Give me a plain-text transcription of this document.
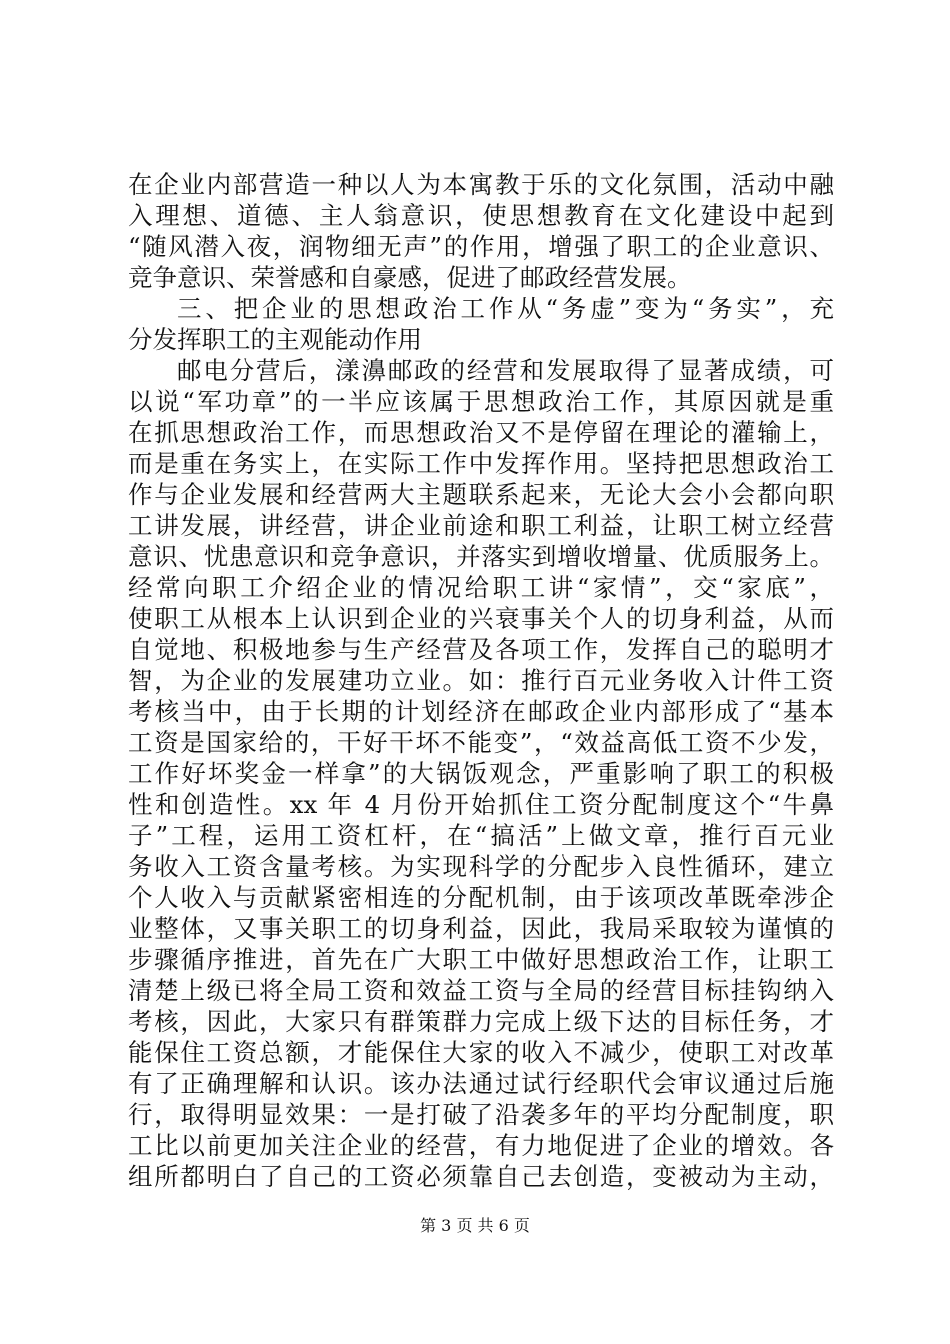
在企业内部营造一种以人为本寓教于乐的文化氛围，活动中融
入理想、道德、主人翁意识，使思想教育在文化建设中起到
“随风潜入夜，润物细无声”的作用，增强了职工的企业意识、
竞争意识、荣誉感和自豪感，促进了邮政经营发展。
三、把企业的思想政治工作从“务虚”变为“务实”，充
分发挥职工的主观能动作用
邮电分营后，漾濞邮政的经营和发展取得了显著成绩，可
以说“军功章”的一半应该属于思想政治工作，其原因就是重
在抓思想政治工作，而思想政治又不是停留在理论的灌输上，
而是重在务实上，在实际工作中发挥作用。坚持把思想政治工
作与企业发展和经营两大主题联系起来，无论大会小会都向职
工讲发展，讲经营，讲企业前途和职工利益，让职工树立经营
意识、忧患意识和竞争意识，并落实到增收增量、优质服务上。
经常向职工介绍企业的情况给职工讲“家情”，交“家底”，
使职工从根本上认识到企业的兴衰事关个人的切身利益，从而
自觉地、积极地参与生产经营及各项工作，发挥自己的聪明才
智，为企业的发展建功立业。如：推行百元业务收入计件工资
考核当中，由于长期的计划经济在邮政企业内部形成了“基本
工资是国家给的，干好干坏不能变”，“效益高低工资不少发，
工作好坏奖金一样拿”的大锅饭观念，严重影响了职工的积极
性和创造性。xx 年 4 月份开始抓住工资分配制度这个“牛鼻
子”工程，运用工资杠杆，在“搞活”上做文章，推行百元业
务收入工资含量考核。为实现科学的分配步入良性循环，建立
个人收入与贡献紧密相连的分配机制，由于该项改革既牵涉企
业整体，又事关职工的切身利益，因此，我局采取较为谨慎的
步骤循序推进，首先在广大职工中做好思想政治工作，让职工
清楚上级已将全局工资和效益工资与全局的经营目标挂钩纳入
考核，因此，大家只有群策群力完成上级下达的目标任务，才
能保住工资总额，才能保住大家的收入不减少，使职工对改革
有了正确理解和认识。该办法通过试行经职代会审议通过后施
行，取得明显效果：一是打破了沿袭多年的平均分配制度，职
工比以前更加关注企业的经营，有力地促进了企业的增效。各
组所都明白了自己的工资必须靠自己去创造，变被动为主动，
第 3 页 共 6 页
